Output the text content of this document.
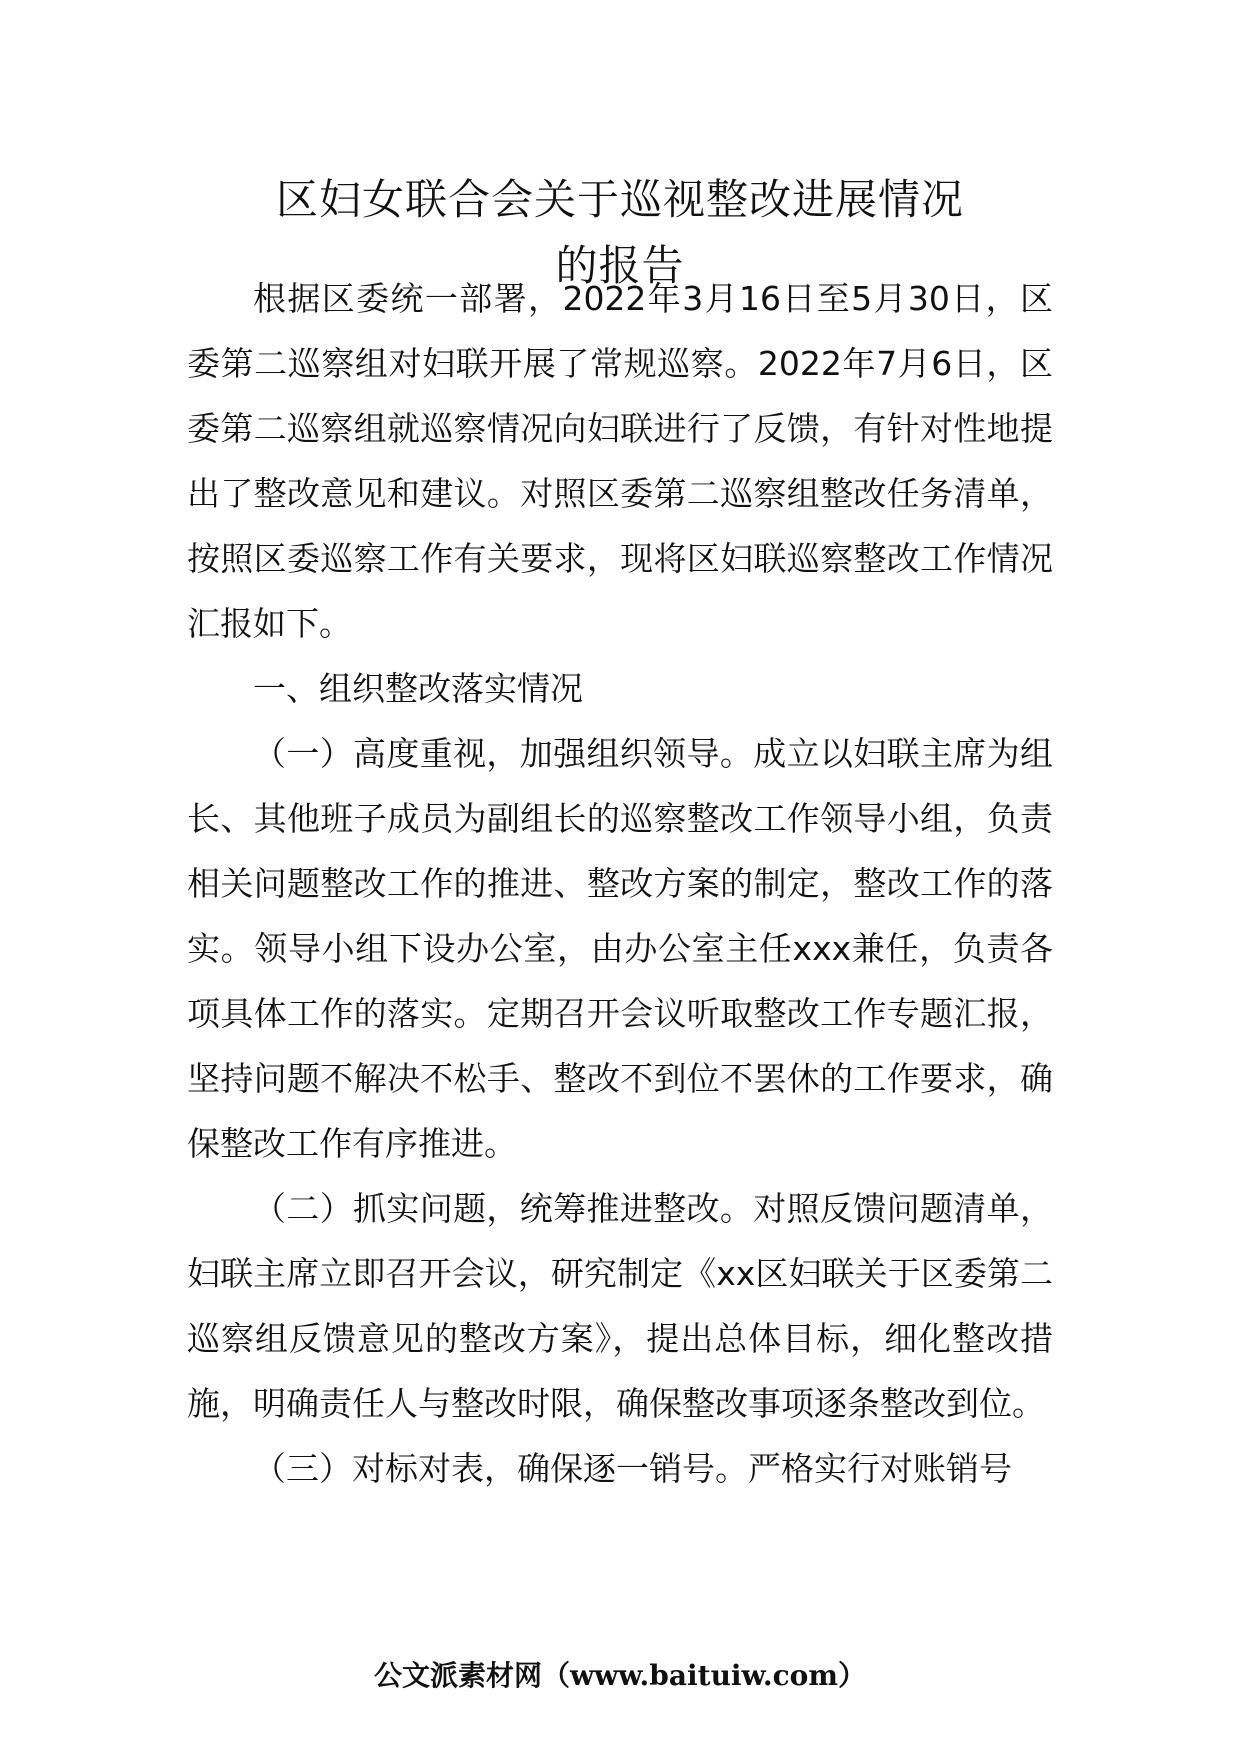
区妇女联合会关于巡视整改进展情况
的报告

根据区委统一部署，2022年3月16日至5月30日，区委第二巡察组对妇联开展了常规巡察。2022年7月6日，区委第二巡察组就巡察情况向妇联进行了反馈，有针对性地提出了整改意见和建议。对照区委第二巡察组整改任务清单，按照区委巡察工作有关要求，现将区妇联巡察整改工作情况汇报如下。

一、组织整改落实情况

（一）高度重视，加强组织领导。成立以妇联主席为组长、其他班子成员为副组长的巡察整改工作领导小组，负责相关问题整改工作的推进、整改方案的制定，整改工作的落实。领导小组下设办公室，由办公室主任xxx兼任，负责各项具体工作的落实。定期召开会议听取整改工作专题汇报，坚持问题不解决不松手、整改不到位不罢休的工作要求，确保整改工作有序推进。

（二）抓实问题，统筹推进整改。对照反馈问题清单，妇联主席立即召开会议，研究制定《xx区妇联关于区委第二巡察组反馈意见的整改方案》，提出总体目标，细化整改措施，明确责任人与整改时限，确保整改事项逐条整改到位。

（三）对标对表，确保逐一销号。严格实行对账销号

公文派素材网（www.baituiw.com）
